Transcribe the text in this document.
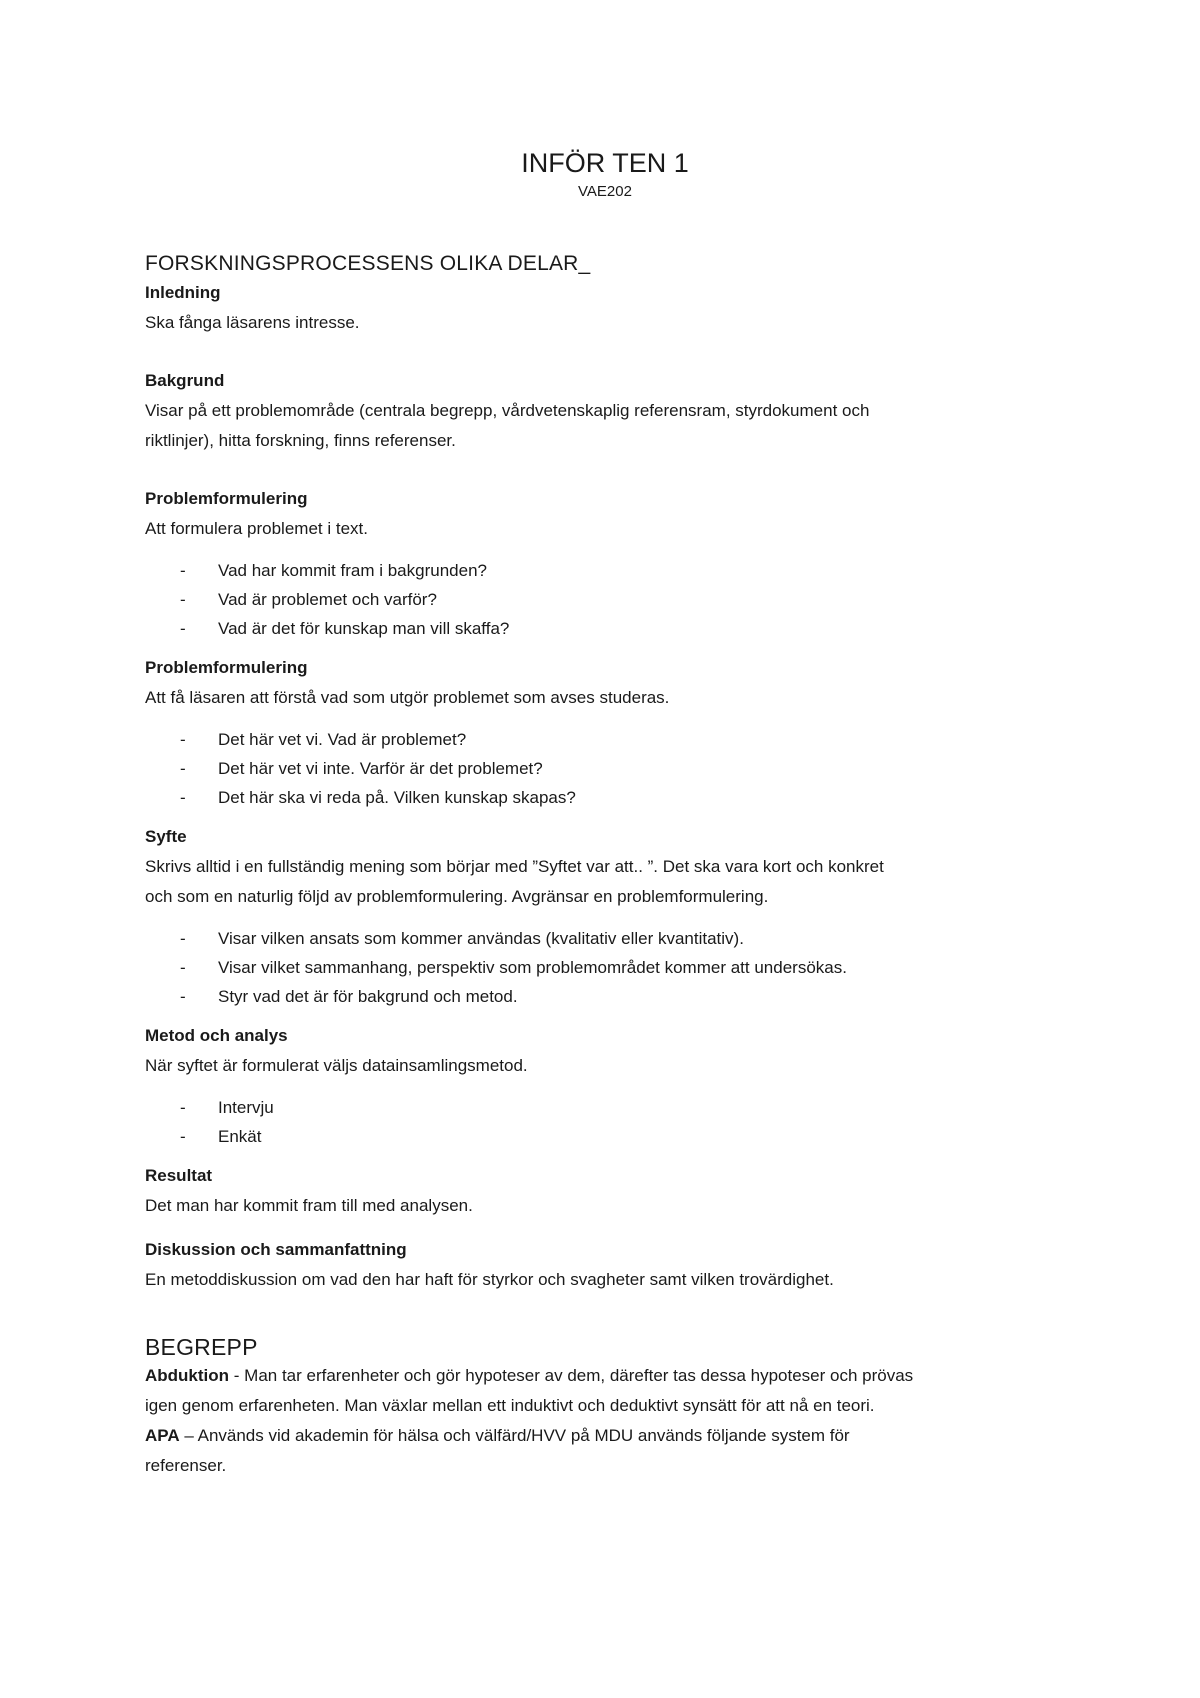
INFÖR TEN 1

VAE202

FORSKNINGSPROCESSENS OLIKA DELAR_

Inledning

Ska fånga läsarens intresse.

Bakgrund

Visar på ett problemområde (centrala begrepp, vårdvetenskaplig referensram, styrdokument och

riktlinjer), hitta forskning, finns referenser.

Problemformulering

Att formulera problemet i text.

- Vad har kommit fram i bakgrunden?
- Vad är problemet och varför?
- Vad är det för kunskap man vill skaffa?

Problemformulering

Att få läsaren att förstå vad som utgör problemet som avses studeras.

- Det här vet vi. Vad är problemet?
- Det här vet vi inte. Varför är det problemet?
- Det här ska vi reda på. Vilken kunskap skapas?

Syfte

Skrivs alltid i en fullständig mening som börjar med ”Syftet var att.. ”. Det ska vara kort och konkret

och som en naturlig följd av problemformulering. Avgränsar en problemformulering.

- Visar vilken ansats som kommer användas (kvalitativ eller kvantitativ).
- Visar vilket sammanhang, perspektiv som problemområdet kommer att undersökas.
- Styr vad det är för bakgrund och metod.

Metod och analys

När syftet är formulerat väljs datainsamlingsmetod.

- Intervju
- Enkät

Resultat

Det man har kommit fram till med analysen.

Diskussion och sammanfattning

En metoddiskussion om vad den har haft för styrkor och svagheter samt vilken trovärdighet.

BEGREPP

Abduktion - Man tar erfarenheter och gör hypoteser av dem, därefter tas dessa hypoteser och prövas

igen genom erfarenheten. Man växlar mellan ett induktivt och deduktivt synsätt för att nå en teori.

APA – Används vid akademin för hälsa och välfärd/HVV på MDU används följande system för

referenser.
